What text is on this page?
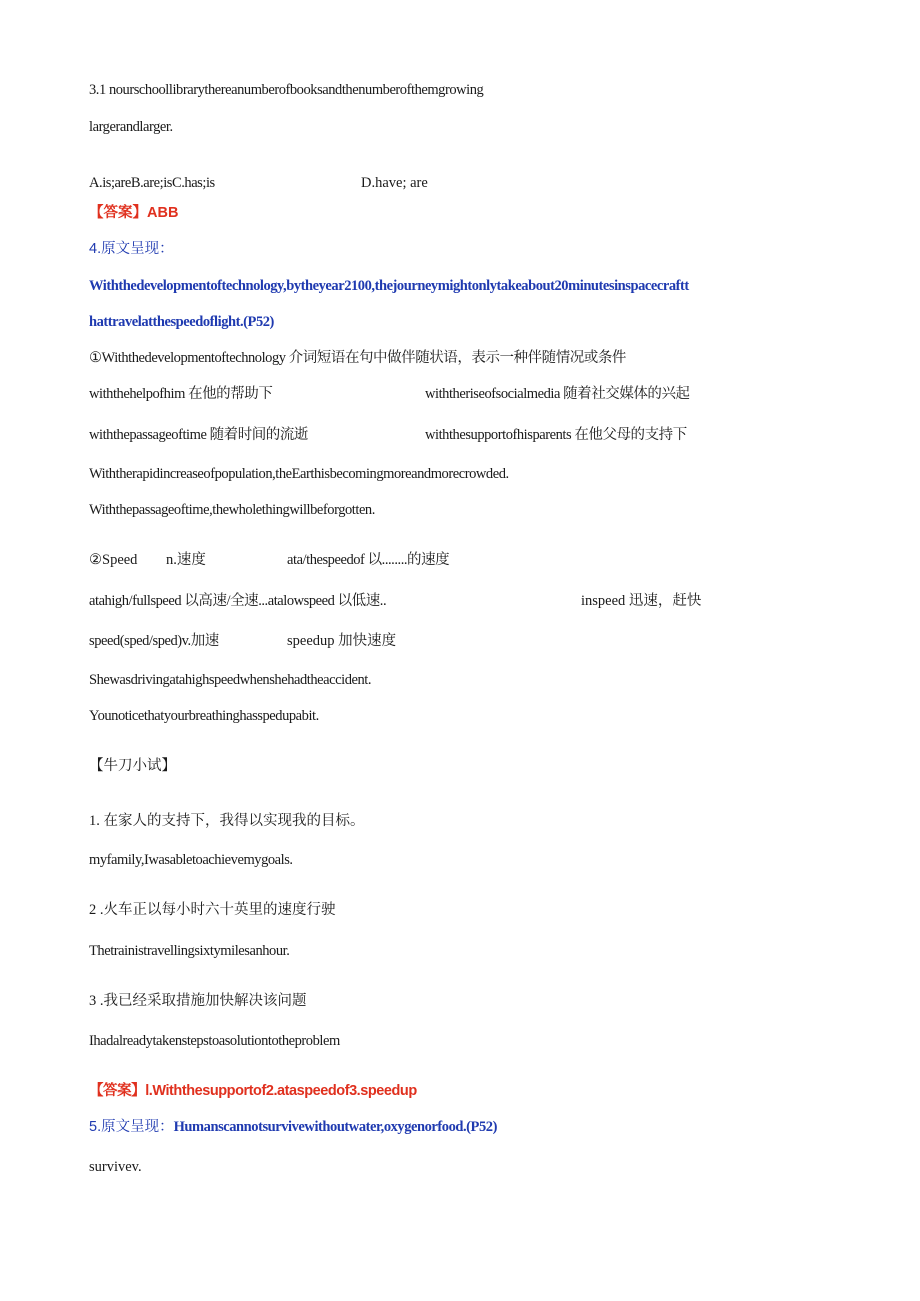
3.1 nourschoollibrarythereanumberofbooksandthenumberofthemgrowing
largerandlarger.
A.is;areB.are;isC.has;is	D.have; are
【答案】ABB
4.原文呈现：
Withthedevelopmentoftechnology,bytheyear2100,thejourneymightonlytakeabout20minutesinspacecraftt
hattravelatthespeedoflight.(P52)
①Withthedevelopmentoftechnology 介词短语在句中做伴随状语，表示一种伴随情况或条件
withthehelpofhim 在他的帮助下	withtheriseofsocialmedia 随着社交媒体的兴起
withthepassageoftime 随着时间的流逝	withthesupportofhisparents 在他父母的支持下
Withtherapidincreaseofpopulation,theEarthisbecomingmoreandmorecrowded.
Withthepassageoftime,thewholethingwillbeforgotten.
②Speed n.速度	ata/thespeedof 以........的速度
atahigh/fullspeed 以高速/全速...atalowspeed 以低速..	inspeed 迅速，赶快
speed(sped/sped)v.加速	speedup 加快速度
Shewasdrivingatahighspeedwhenshehadtheaccident.
Younoticethatyourbreathinghasspedupabit.
【牛刀小试】
1. 在家人的支持下，我得以实现我的目标。
myfamily,Iwasabletoachievemygoals.
2 .火车正以每小时六十英里的速度行驶
Thetrainistravellingsixtymilesanhour.
3 .我已经采取措施加快解决该问题
Ihadalreadytakenstepstoasolutiontotheproblem
【答案】l.Withthesupportof2.ataspeedof3.speedup
5.原文呈现：Humanscannotsurvivewithoutwater,oxygenorfood.(P52)
survivev.
